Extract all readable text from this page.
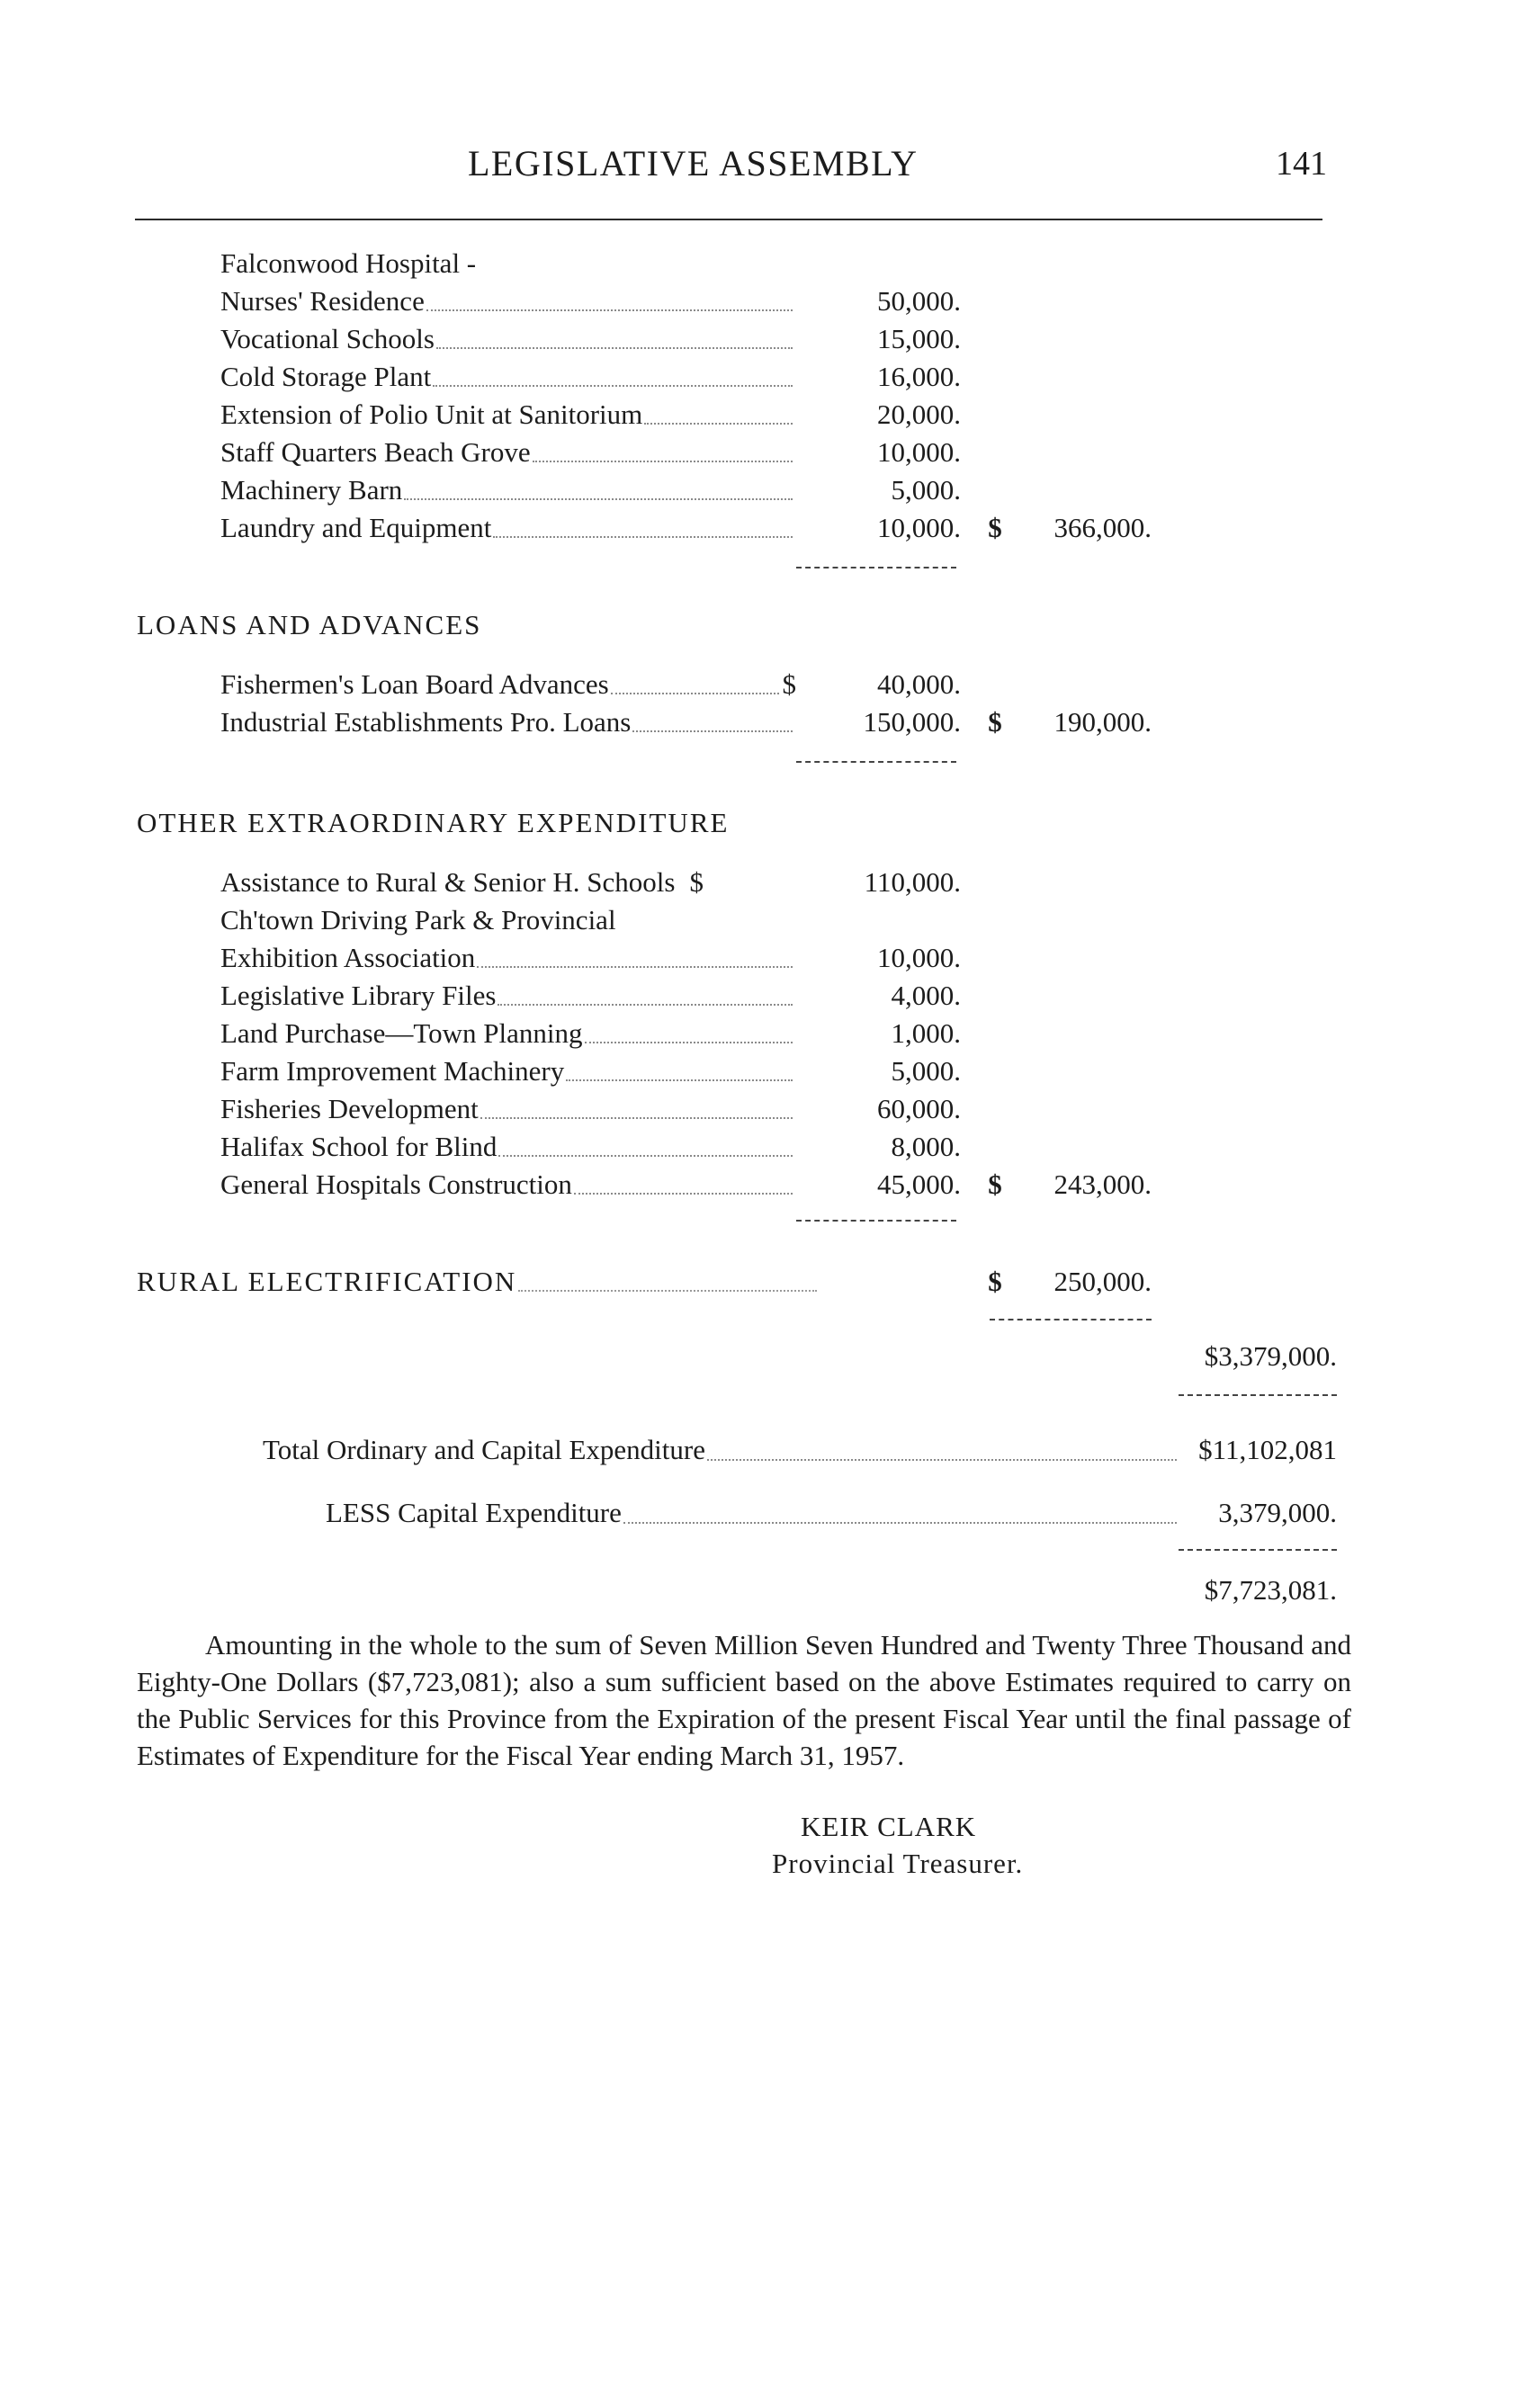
LEGISLATIVE ASSEMBLY	141
Falconwood Hospital -
Nurses' Residence	50,000.
Vocational Schools	15,000.
Cold Storage Plant	16,000.
Extension of Polio Unit at Sanitorium	20,000.
Staff Quarters Beach Grove	10,000.
Machinery Barn	5,000.
Laundry and Equipment	10,000. $	366,000.
LOANS AND ADVANCES
Fishermen's Loan Board Advances	$	40,000.
Industrial Establishments Pro. Loans	150,000. $	190,000.
OTHER EXTRAORDINARY EXPENDITURE
Assistance to Rural & Senior H. Schools $	110,000.
Ch'town Driving Park & Provincial
Exhibition Association	10,000.
Legislative Library Files	4,000.
Land Purchase—Town Planning	1,000.
Farm Improvement Machinery	5,000.
Fisheries Development	60,000.
Halifax School for Blind	8,000.
General Hospitals Construction	45,000. $	243,000.
RURAL ELECTRIFICATION	$	250,000.
$3,379,000.
Total Ordinary and Capital Expenditure	$11,102,081
LESS Capital Expenditure	3,379,000.
$7,723,081.
Amounting in the whole to the sum of Seven Million Seven Hundred and Twenty Three Thousand and Eighty-One Dollars ($7,723,081); also a sum sufficient based on the above Estimates required to carry on the Public Services for this Province from the Expiration of the present Fiscal Year until the final passage of Estimates of Expenditure for the Fiscal Year ending March 31, 1957.
KEIR CLARK
Provincial Treasurer.
